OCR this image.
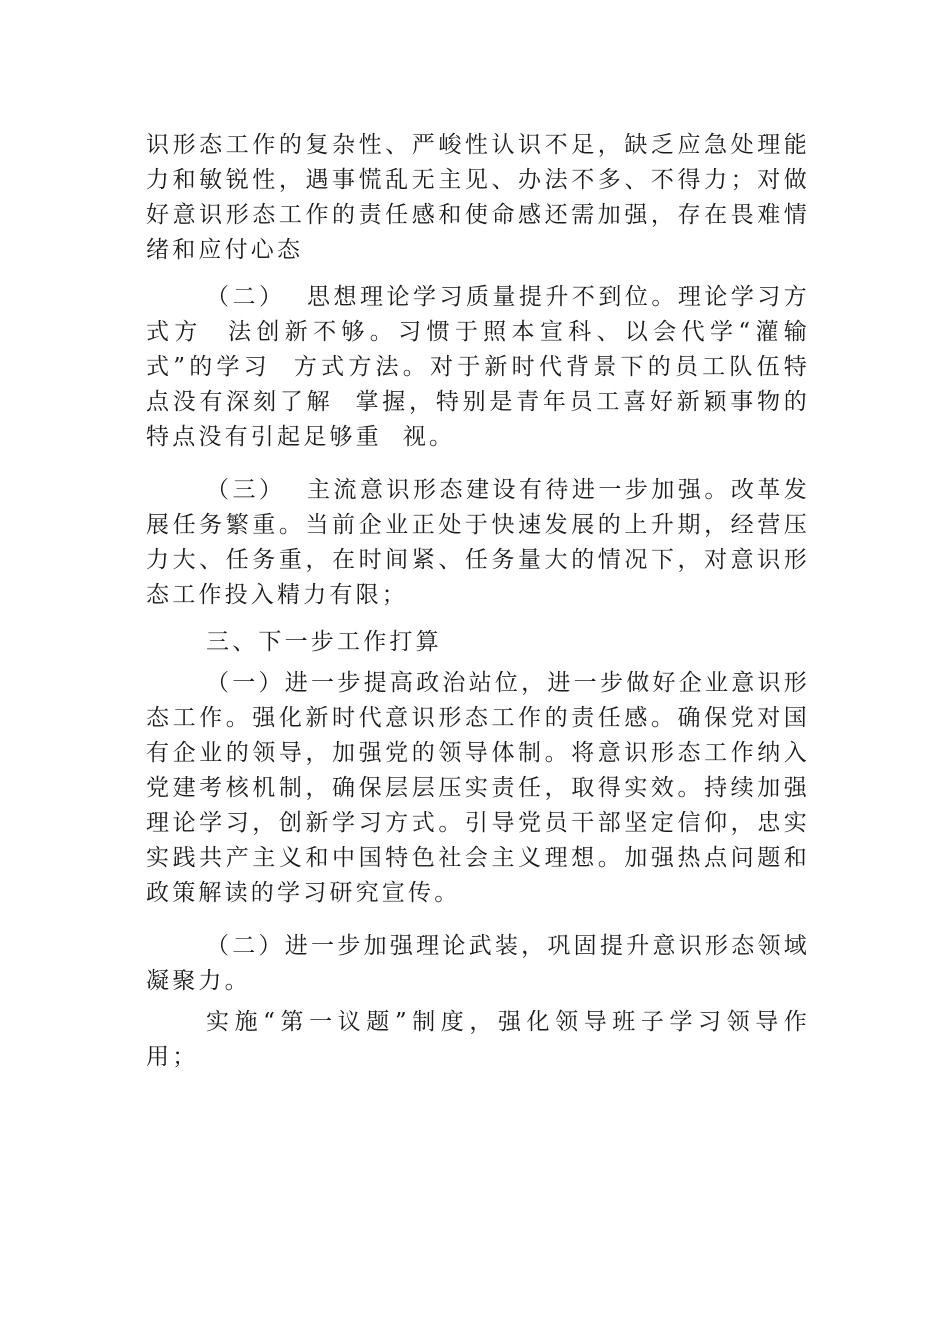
识形态工作的复杂性、严峻性认识不足，缺乏应急处理能力和敏锐性，遇事慌乱无主见、办法不多、不得力；对做好意识形态工作的责任感和使命感还需加强，存在畏难情绪和应付心态

（二）  思想理论学习质量提升不到位。理论学习方式方  法创新不够。习惯于照本宣科、以会代学“灌输式”的学习  方式方法。对于新时代背景下的员工队伍特点没有深刻了解  掌握，特别是青年员工喜好新颖事物的特点没有引起足够重  视。

（三）  主流意识形态建设有待进一步加强。改革发展任务繁重。当前企业正处于快速发展的上升期，经营压力大、任务重，在时间紧、任务量大的情况下，对意识形态工作投入精力有限；

三、下一步工作打算

（一）进一步提高政治站位，进一步做好企业意识形态工作。强化新时代意识形态工作的责任感。确保党对国有企业的领导，加强党的领导体制。将意识形态工作纳入党建考核机制，确保层层压实责任，取得实效。持续加强理论学习，创新学习方式。引导党员干部坚定信仰，忠实实践共产主义和中国特色社会主义理想。加强热点问题和政策解读的学习研究宣传。

（二）进一步加强理论武装，巩固提升意识形态领域凝聚力。

实施“第一议题”制度，强化领导班子学习领导作用；
